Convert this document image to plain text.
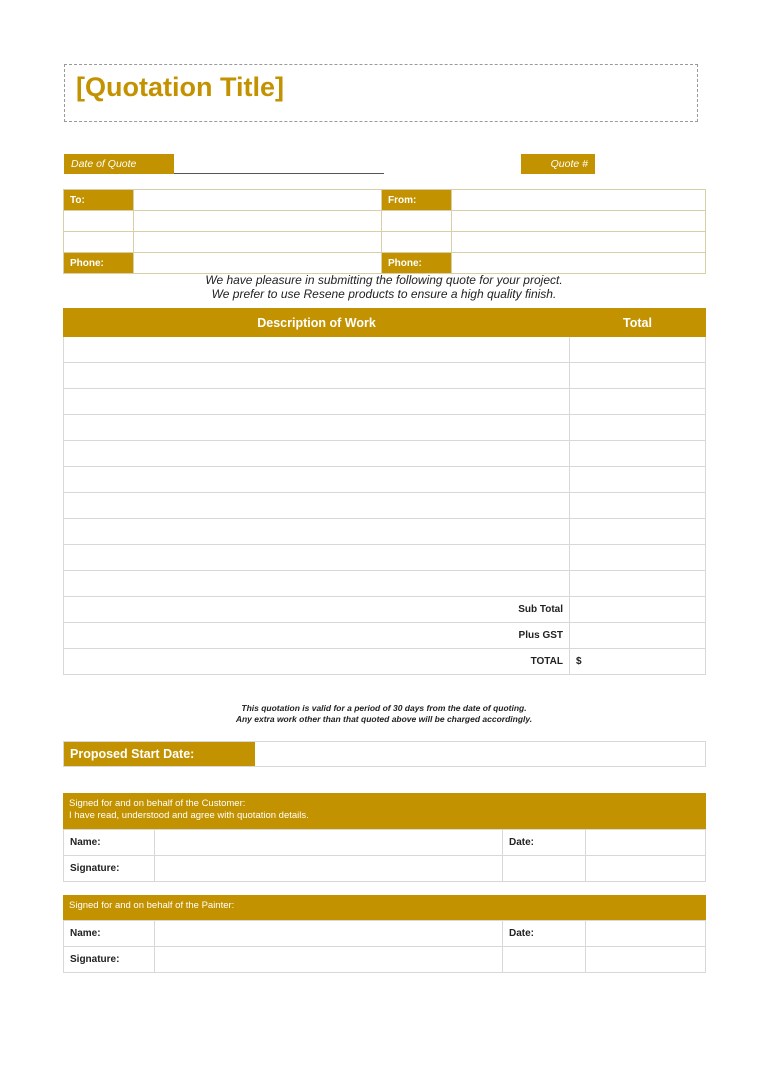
[Quotation Title]
Date of Quote	Quote #
To:		From:	

Phone:		Phone:	
We have pleasure in submitting the following quote for your project.
We prefer to use Resene products to ensure a high quality finish.
Description of Work	Total

Sub Total	
Plus GST	
TOTAL	$
This quotation is valid for a period of 30 days from the date of quoting.
Any extra work other than that quoted above will be charged accordingly.
Proposed Start Date:
Signed for and on behalf of the Customer:
I have read, understood and agree with quotation details.
Name:		Date:	
Signature:			
Signed for and on behalf of the Painter:
Name:		Date:	
Signature:			
